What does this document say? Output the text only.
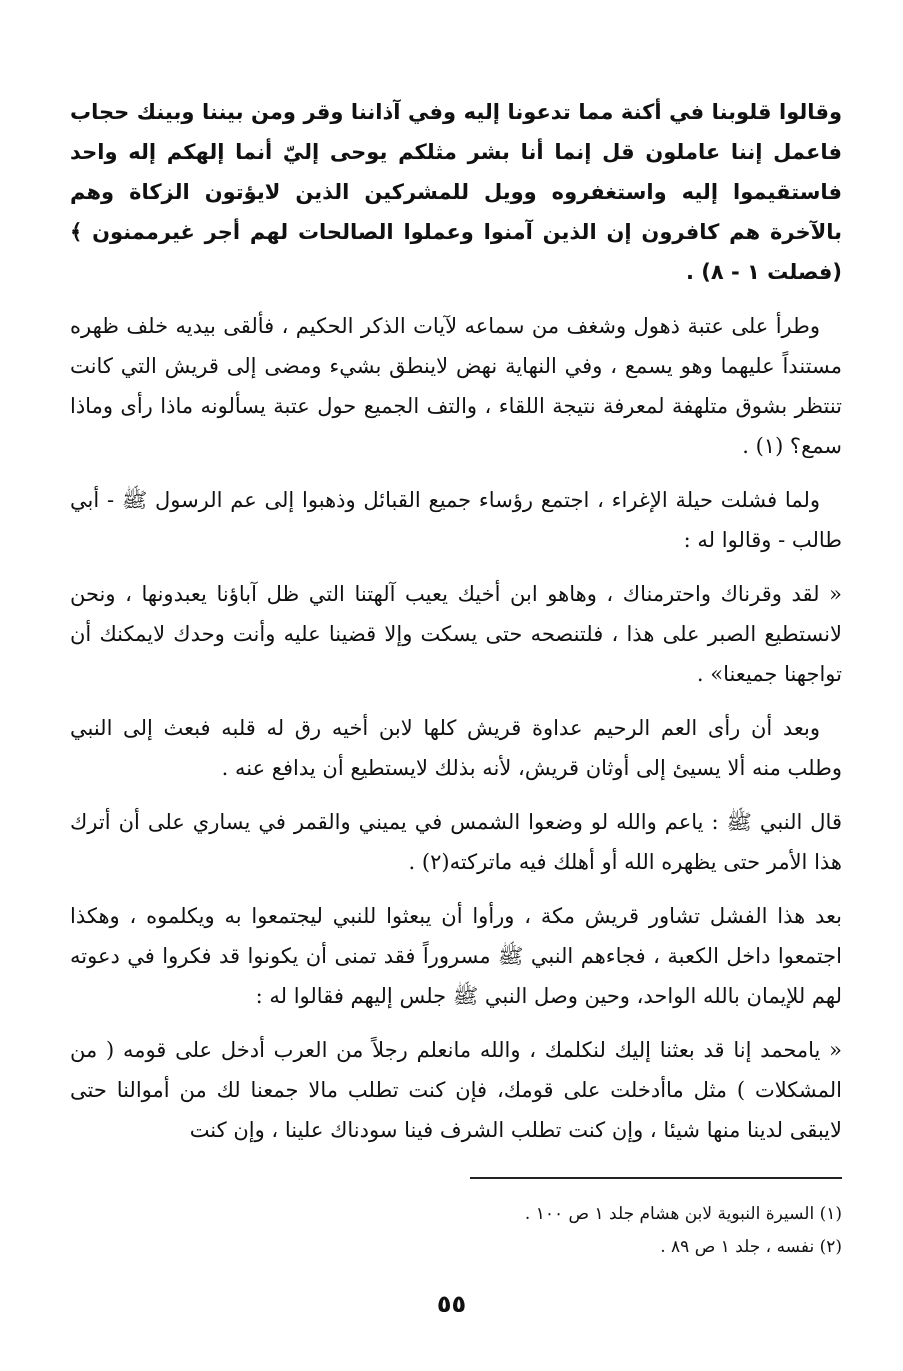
وقالوا قلوبنا في أكنة مما تدعونا إليه وفي آذاننا وقر ومن بيننا وبينك حجاب فاعمل إننا عاملون قل إنما أنا بشر مثلكم يوحى إليّ أنما إلهكم إله واحد فاستقيموا إليه واستغفروه وويل للمشركين الذين لايؤتون الزكاة وهم بالآخرة هم كافرون إن الذين آمنوا وعملوا الصالحات لهم أجر غيرممنون ﴾ (فصلت ١ - ٨) .

وطرأ على عتبة ذهول وشغف من سماعه لآيات الذكر الحكيم ، فألقى بيديه خلف ظهره مستنداً عليهما وهو يسمع ، وفي النهاية نهض لاينطق بشيء ومضى إلى قريش التي كانت تنتظر بشوق متلهفة لمعرفة نتيجة اللقاء ، والتف الجميع حول عتبة يسألونه ماذا رأى وماذا سمع؟ (١) .

ولما فشلت حيلة الإغراء ، اجتمع رؤساء جميع القبائل وذهبوا إلى عم الرسول ﷺ - أبي طالب - وقالوا له :

« لقد وقرناك واحترمناك ، وهاهو ابن أخيك يعيب آلهتنا التي ظل آباؤنا يعبدونها ، ونحن لانستطيع الصبر على هذا ، فلتنصحه حتى يسكت وإلا قضينا عليه وأنت وحدك لايمكنك أن تواجهنا جميعنا» .

وبعد أن رأى العم الرحيم عداوة قريش كلها لابن أخيه رق له قلبه فبعث إلى النبي وطلب منه ألا يسيئ إلى أوثان قريش، لأنه بذلك لايستطيع أن يدافع عنه .

قال النبي ﷺ : ياعم والله لو وضعوا الشمس في يميني والقمر في يساري على أن أترك هذا الأمر حتى يظهره الله أو أهلك فيه ماتركته(٢) .

بعد هذا الفشل تشاور قريش مكة ، ورأوا أن يبعثوا للنبي ليجتمعوا به ويكلموه ، وهكذا اجتمعوا داخل الكعبة ، فجاءهم النبي ﷺ مسروراً فقد تمنى أن يكونوا قد فكروا في دعوته لهم للإيمان بالله الواحد، وحين وصل النبي ﷺ جلس إليهم فقالوا له :

« يامحمد إنا قد بعثنا إليك لنكلمك ، والله مانعلم رجلاً من العرب أدخل على قومه ( من المشكلات ) مثل ماأدخلت على قومك، فإن كنت تطلب مالا جمعنا لك من أموالنا حتى لايبقى لدينا منها شيئا ، وإن كنت تطلب الشرف فينا سودناك علينا ، وإن كنت

(١) السيرة النبوية لابن هشام جلد ١ ص ١٠٠ .

(٢) نفسه ، جلد ١ ص ٨٩ .

٥٥
